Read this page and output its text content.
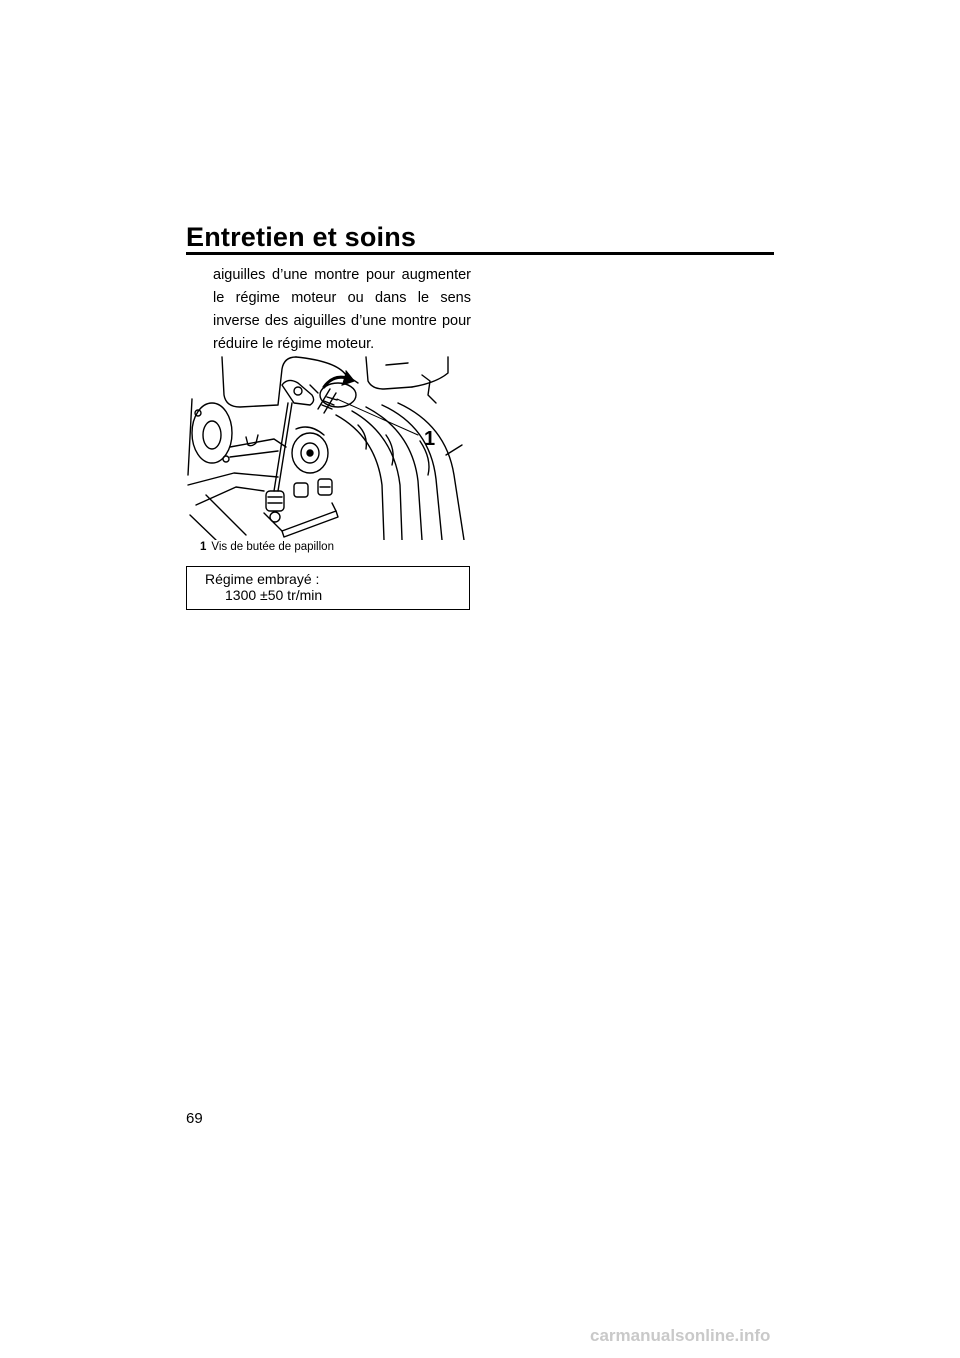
Entretien et soins

aiguilles d’une montre pour augmenter le régime moteur ou dans le sens inverse des aiguilles d’une montre pour réduire le régime moteur.

1
1 Vis de butée de papillon
Régime embrayé :
1300 ±50 tr/min
69
carmanualsonline.info
